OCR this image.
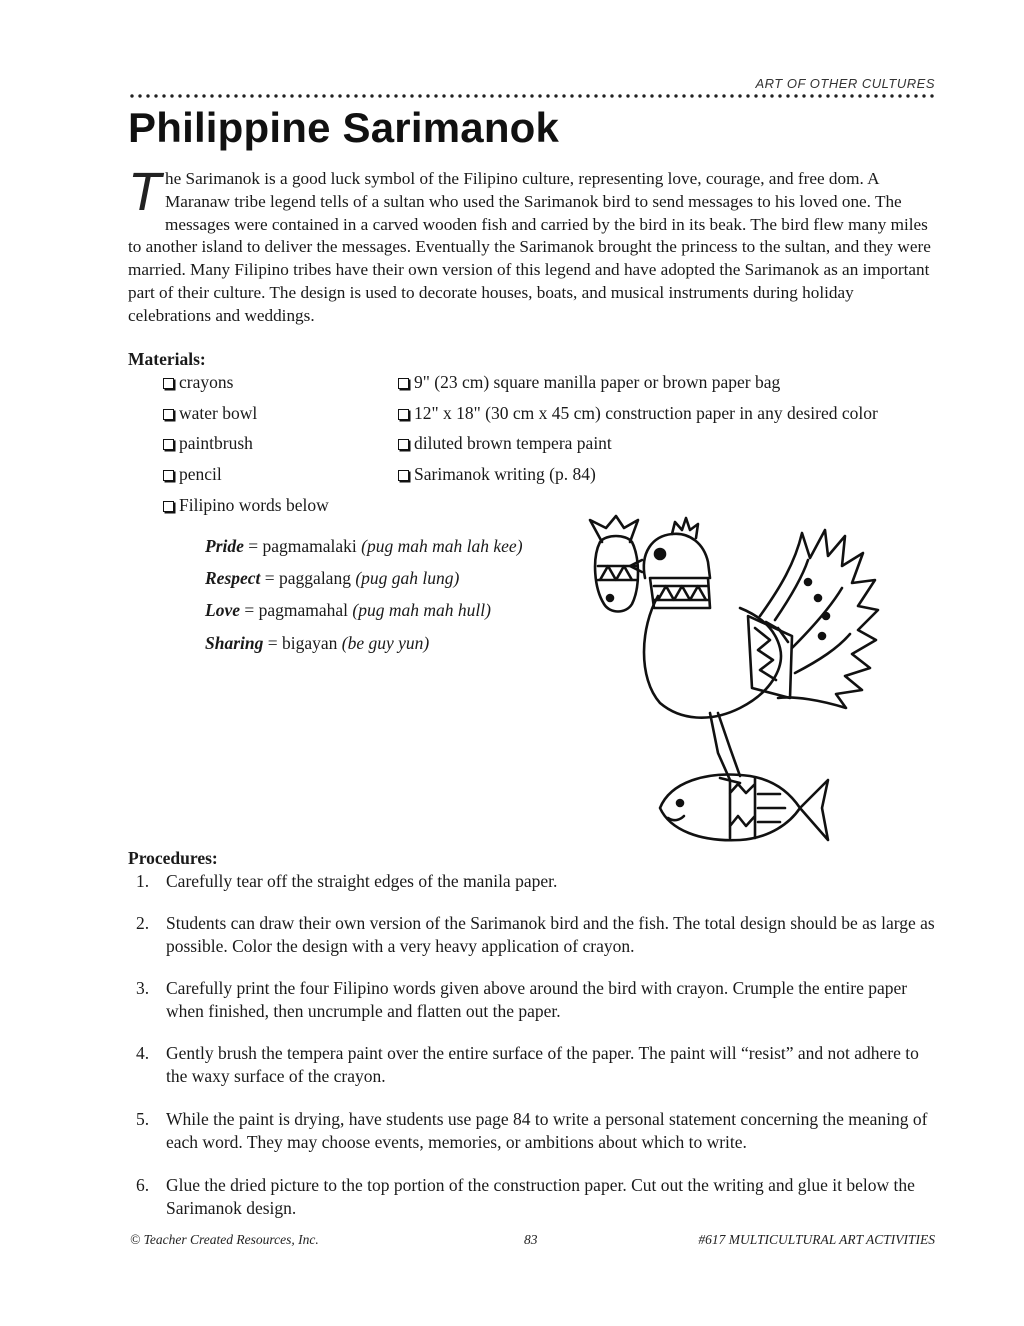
ART OF OTHER CULTURES
Philippine Sarimanok

The Sarimanok is a good luck symbol of the Filipino culture, representing love, courage, and free dom. A Maranaw tribe legend tells of a sultan who used the Sarimanok bird to send messages to his loved one. The messages were contained in a carved wooden fish and carried by the bird in its beak. The bird flew many miles to another island to deliver the messages. Eventually the Sarimanok brought the princess to the sultan, and they were married. Many Filipino tribes have their own version of this legend and have adopted the Sarimanok as an important part of their culture. The design is used to decorate houses, boats, and musical instruments during holiday celebrations and weddings.

Materials:
crayons
water bowl
paintbrush
pencil
Filipino words below
9" (23 cm) square manilla paper or brown paper bag
12" x 18" (30 cm x 45 cm) construction paper in any desired color
diluted brown tempera paint
Sarimanok writing (p. 84)
Pride = pagmamalaki (pug mah mah lah kee)
Respect = paggalang (pug gah lung)
Love = pagmamahal (pug mah mah hull)
Sharing = bigayan (be guy yun)
Procedures:
1. Carefully tear off the straight edges of the manila paper.
2. Students can draw their own version of the Sarimanok bird and the fish. The total design should be as large as possible. Color the design with a very heavy application of crayon.
3. Carefully print the four Filipino words given above around the bird with crayon. Crumple the entire paper when finished, then uncrumple and flatten out the paper.
4. Gently brush the tempera paint over the entire surface of the paper. The paint will “resist” and not adhere to the waxy surface of the crayon.
5. While the paint is drying, have students use page 84 to write a personal statement concerning the meaning of each word. They may choose events, memories, or ambitions about which to write.
6. Glue the dried picture to the top portion of the construction paper. Cut out the writing and glue it below the Sarimanok design.
© Teacher Created Resources, Inc.	83	#617 MULTICULTURAL ART ACTIVITIES
